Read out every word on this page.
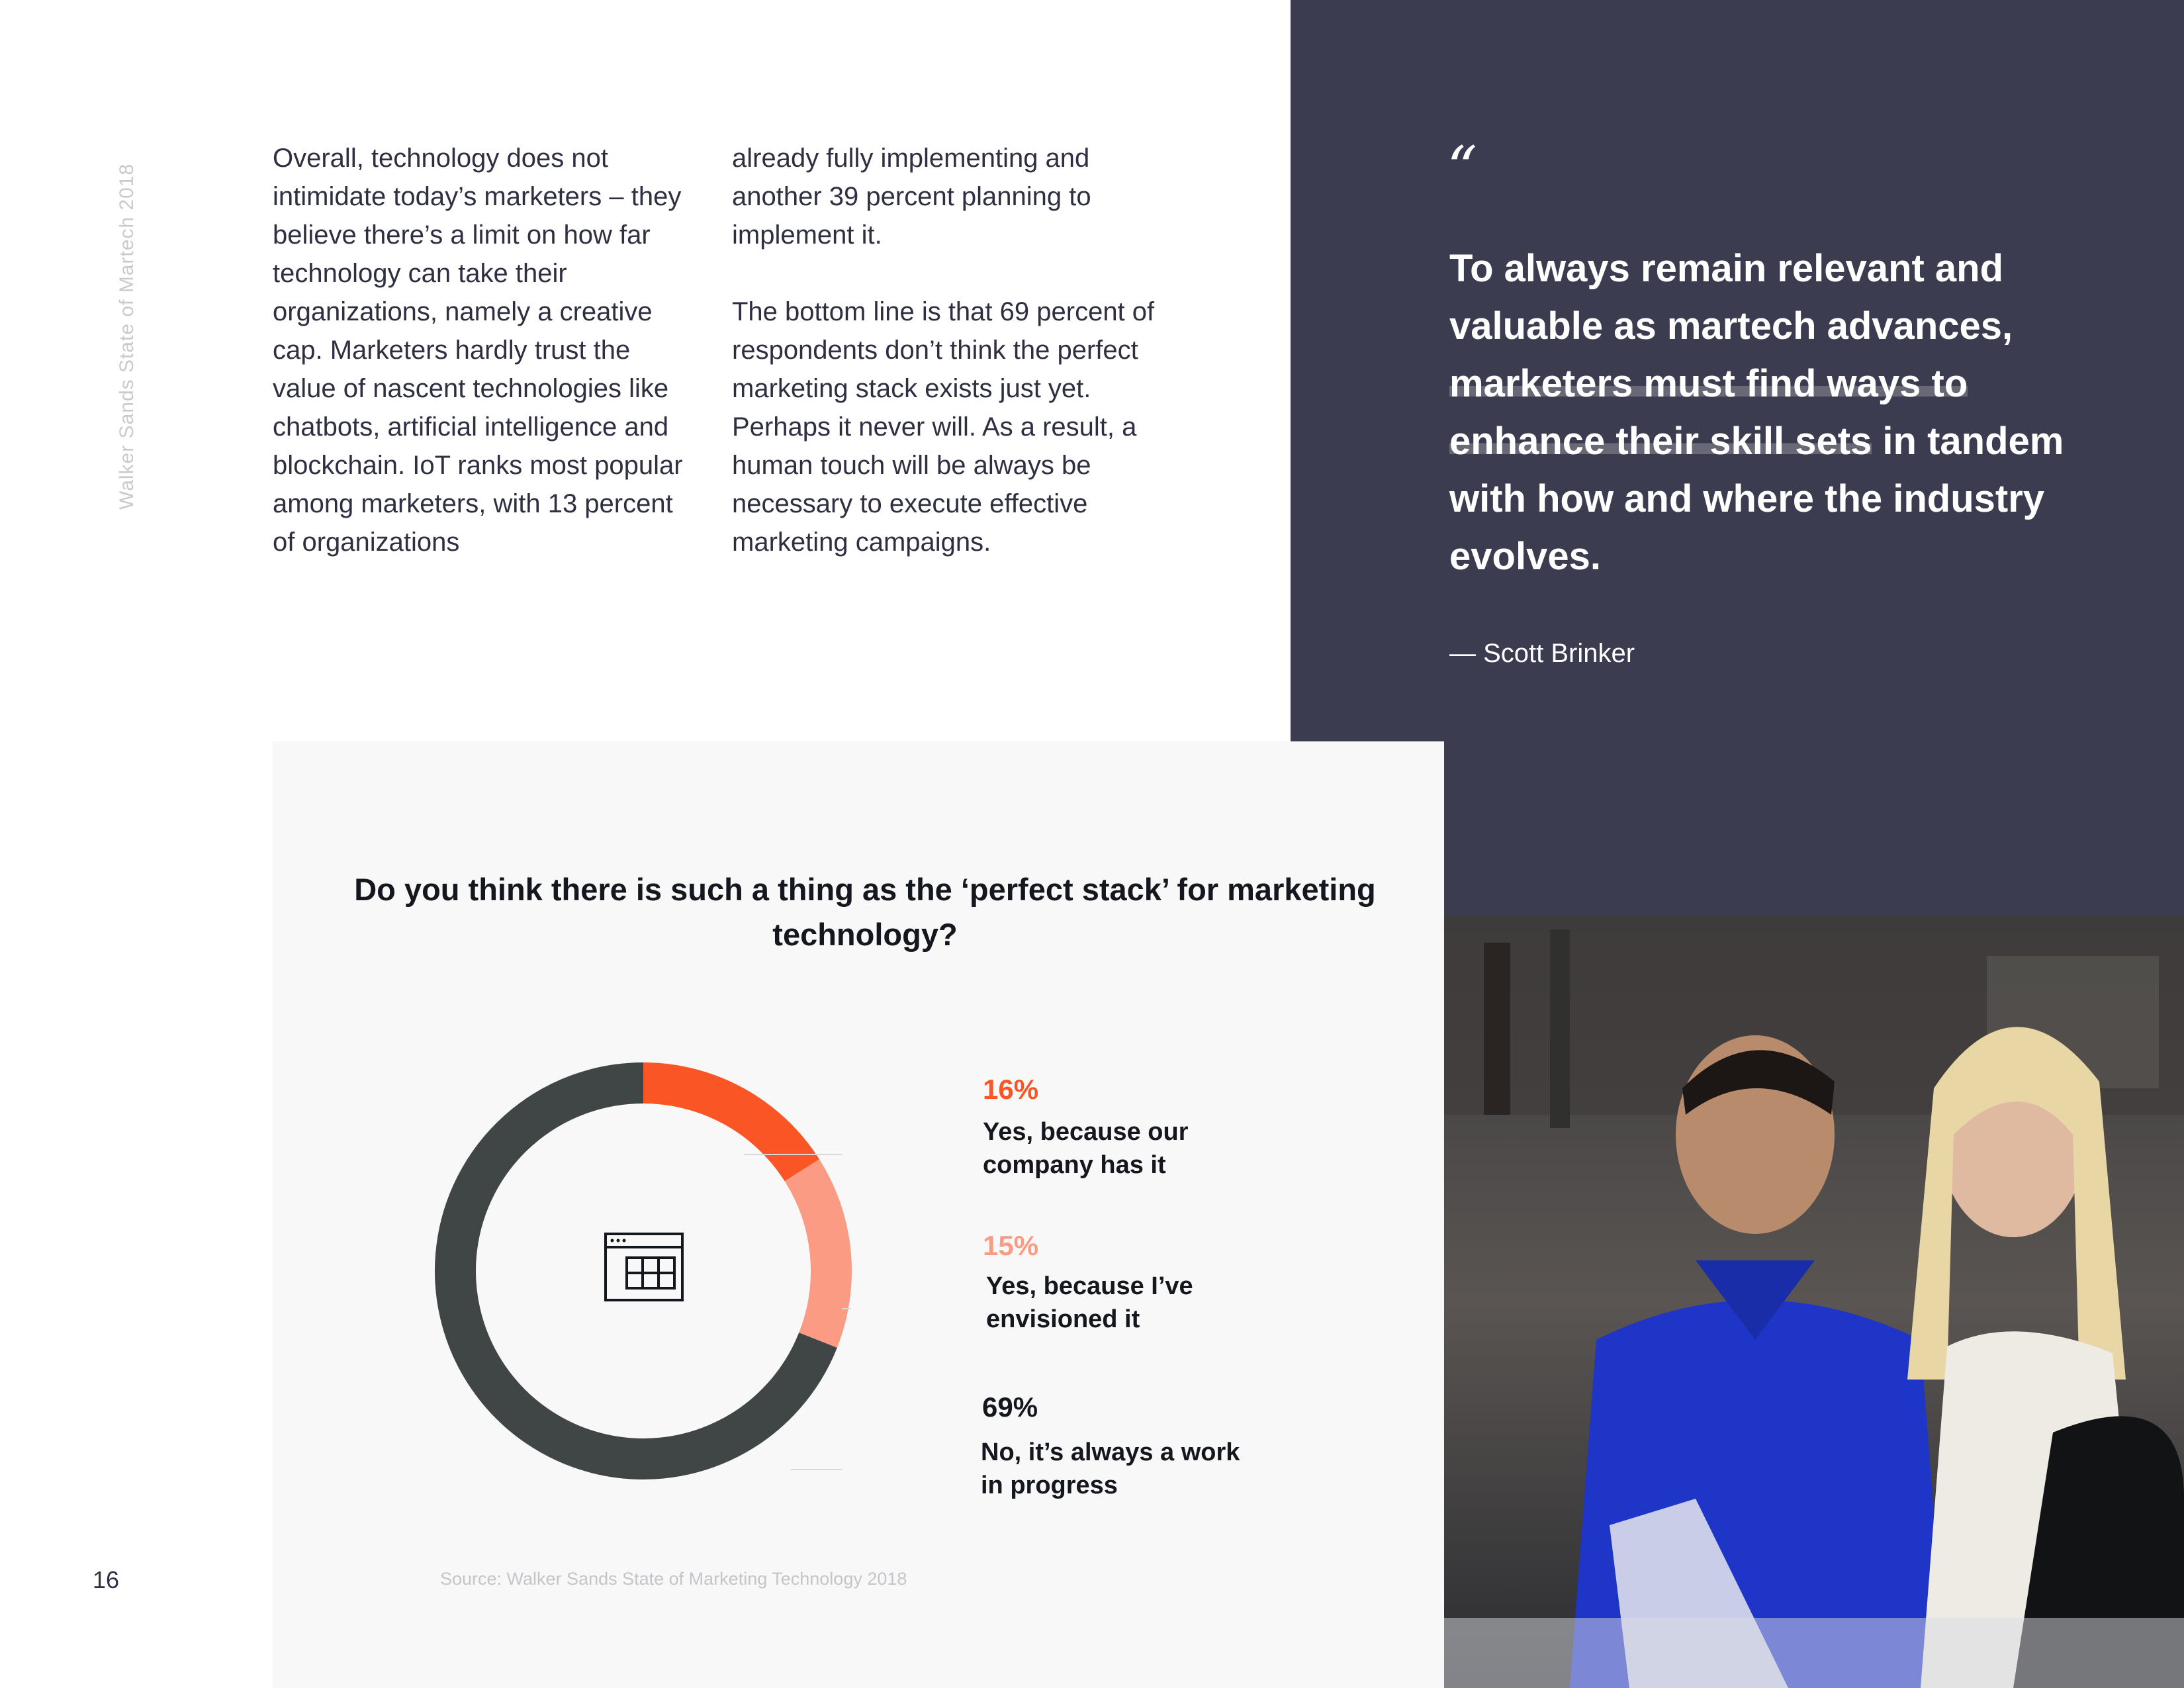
Walker Sands State of Martech 2018
16

Overall, technology does not intimidate today’s marketers – they believe there’s a limit on how far technology can take their organizations, namely a creative cap. Marketers hardly trust the value of nascent technologies like chatbots, artificial intelligence and blockchain. IoT ranks most popular among marketers, with 13 percent of organizations

already fully implementing and another 39 percent planning to implement it.

The bottom line is that 69 percent of respondents don’t think the perfect marketing stack exists just yet. Perhaps it never will. As a result, a human touch will be always be necessary to execute effective marketing campaigns.

“
To always remain relevant and valuable as martech advances, marketers must find ways to enhance their skill sets in tandem with how and where the industry evolves.
— Scott Brinker
Do you think there is such a thing as the ‘perfect stack’ for marketing technology?
16%
Yes, because our company has it
15%
Yes, because I’ve envisioned it
69%
No, it’s always a work in progress
Source: Walker Sands State of Marketing Technology 2018
